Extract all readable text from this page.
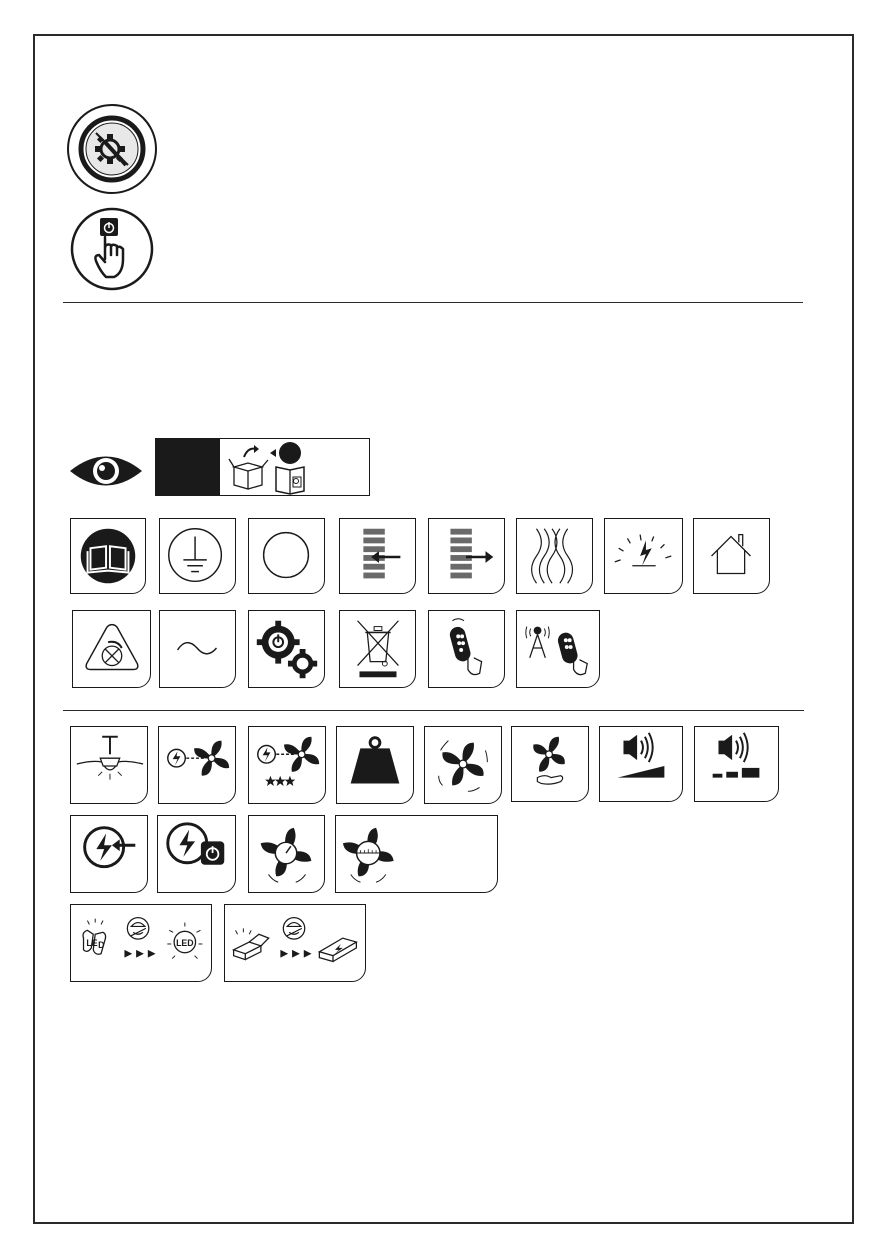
LE D	LED
